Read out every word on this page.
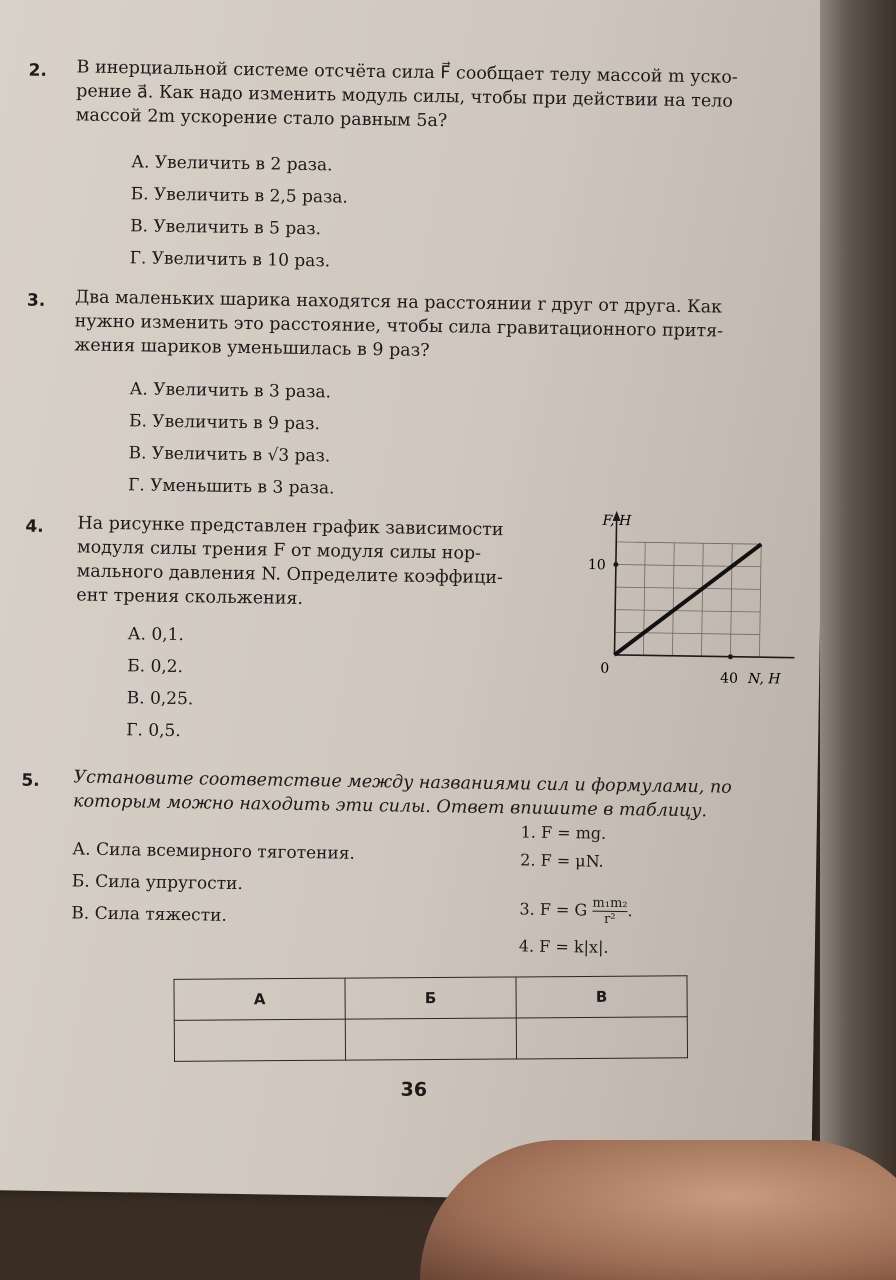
2. В инерциальной системе отсчёта сила F⃗ сообщает телу массой m уско-
рение a⃗. Как надо изменить модуль силы, чтобы при действии на тело
массой 2m ускорение стало равным 5a?
А. Увеличить в 2 раза.
Б. Увеличить в 2,5 раза.
В. Увеличить в 5 раз.
Г. Увеличить в 10 раз.
3. Два маленьких шарика находятся на расстоянии r друг от друга. Как
нужно изменить это расстояние, чтобы сила гравитационного притя-
жения шариков уменьшилась в 9 раз?
А. Увеличить в 3 раза.
Б. Увеличить в 9 раз.
В. Увеличить в √3 раз.
Г. Уменьшить в 3 раза.
4. На рисунке представлен график зависимости
модуля силы трения F от модуля силы нор-
мального давления N. Определите коэффици-
ент трения скольжения.
А. 0,1.
Б. 0,2.
В. 0,25.
Г. 0,5.
F, Н
10
0
40 N, Н
5. Установите соответствие между названиями сил и формулами, по
которым можно находить эти силы. Ответ впишите в таблицу.
А. Сила всемирного тяготения.
Б. Сила упругости.
В. Сила тяжести.
1. F = mg.
2. F = μN.
3. F = G $\frac{\text{m₁m₂}}{\text{r²}}$ .
4. F = k|x|.
А	Б	В

36
